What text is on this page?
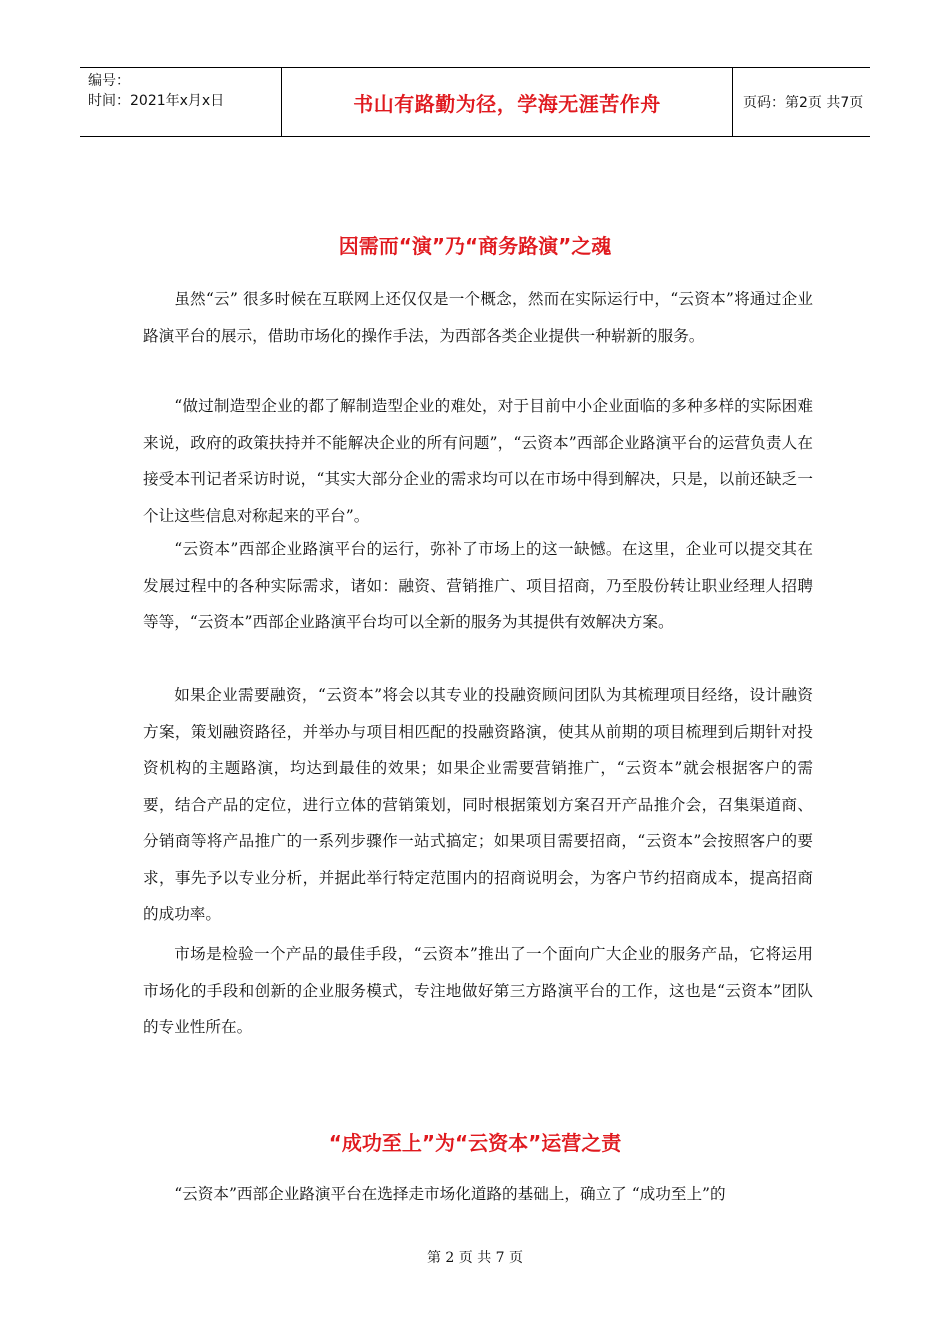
编号：
时间：2021年x月x日	书山有路勤为径，学海无涯苦作舟	页码：第2页 共7页
因需而“演”乃“商务路演”之魂

虽然“云” 很多时候在互联网上还仅仅是一个概念，然而在实际运行中，“云资本”将通过企业路演平台的展示，借助市场化的操作手法，为西部各类企业提供一种崭新的服务。

“做过制造型企业的都了解制造型企业的难处，对于目前中小企业面临的多种多样的实际困难来说，政府的政策扶持并不能解决企业的所有问题”，“云资本”西部企业路演平台的运营负责人在接受本刊记者采访时说，“其实大部分企业的需求均可以在市场中得到解决，只是，以前还缺乏一个让这些信息对称起来的平台”。

“云资本”西部企业路演平台的运行，弥补了市场上的这一缺憾。在这里，企业可以提交其在发展过程中的各种实际需求，诸如：融资、营销推广、项目招商，乃至股份转让职业经理人招聘等等，“云资本”西部企业路演平台均可以全新的服务为其提供有效解决方案。

如果企业需要融资，“云资本”将会以其专业的投融资顾问团队为其梳理项目经络，设计融资方案，策划融资路径，并举办与项目相匹配的投融资路演，使其从前期的项目梳理到后期针对投资机构的主题路演，均达到最佳的效果；如果企业需要营销推广，“云资本”就会根据客户的需要，结合产品的定位，进行立体的营销策划，同时根据策划方案召开产品推介会，召集渠道商、分销商等将产品推广的一系列步骤作一站式搞定；如果项目需要招商，“云资本”会按照客户的要求，事先予以专业分析，并据此举行特定范围内的招商说明会，为客户节约招商成本，提高招商的成功率。

市场是检验一个产品的最佳手段，“云资本”推出了一个面向广大企业的服务产品，它将运用市场化的手段和创新的企业服务模式，专注地做好第三方路演平台的工作，这也是“云资本”团队的专业性所在。

“成功至上”为“云资本”运营之责

“云资本”西部企业路演平台在选择走市场化道路的基础上，确立了 “成功至上”的

第 2 页 共 7 页
